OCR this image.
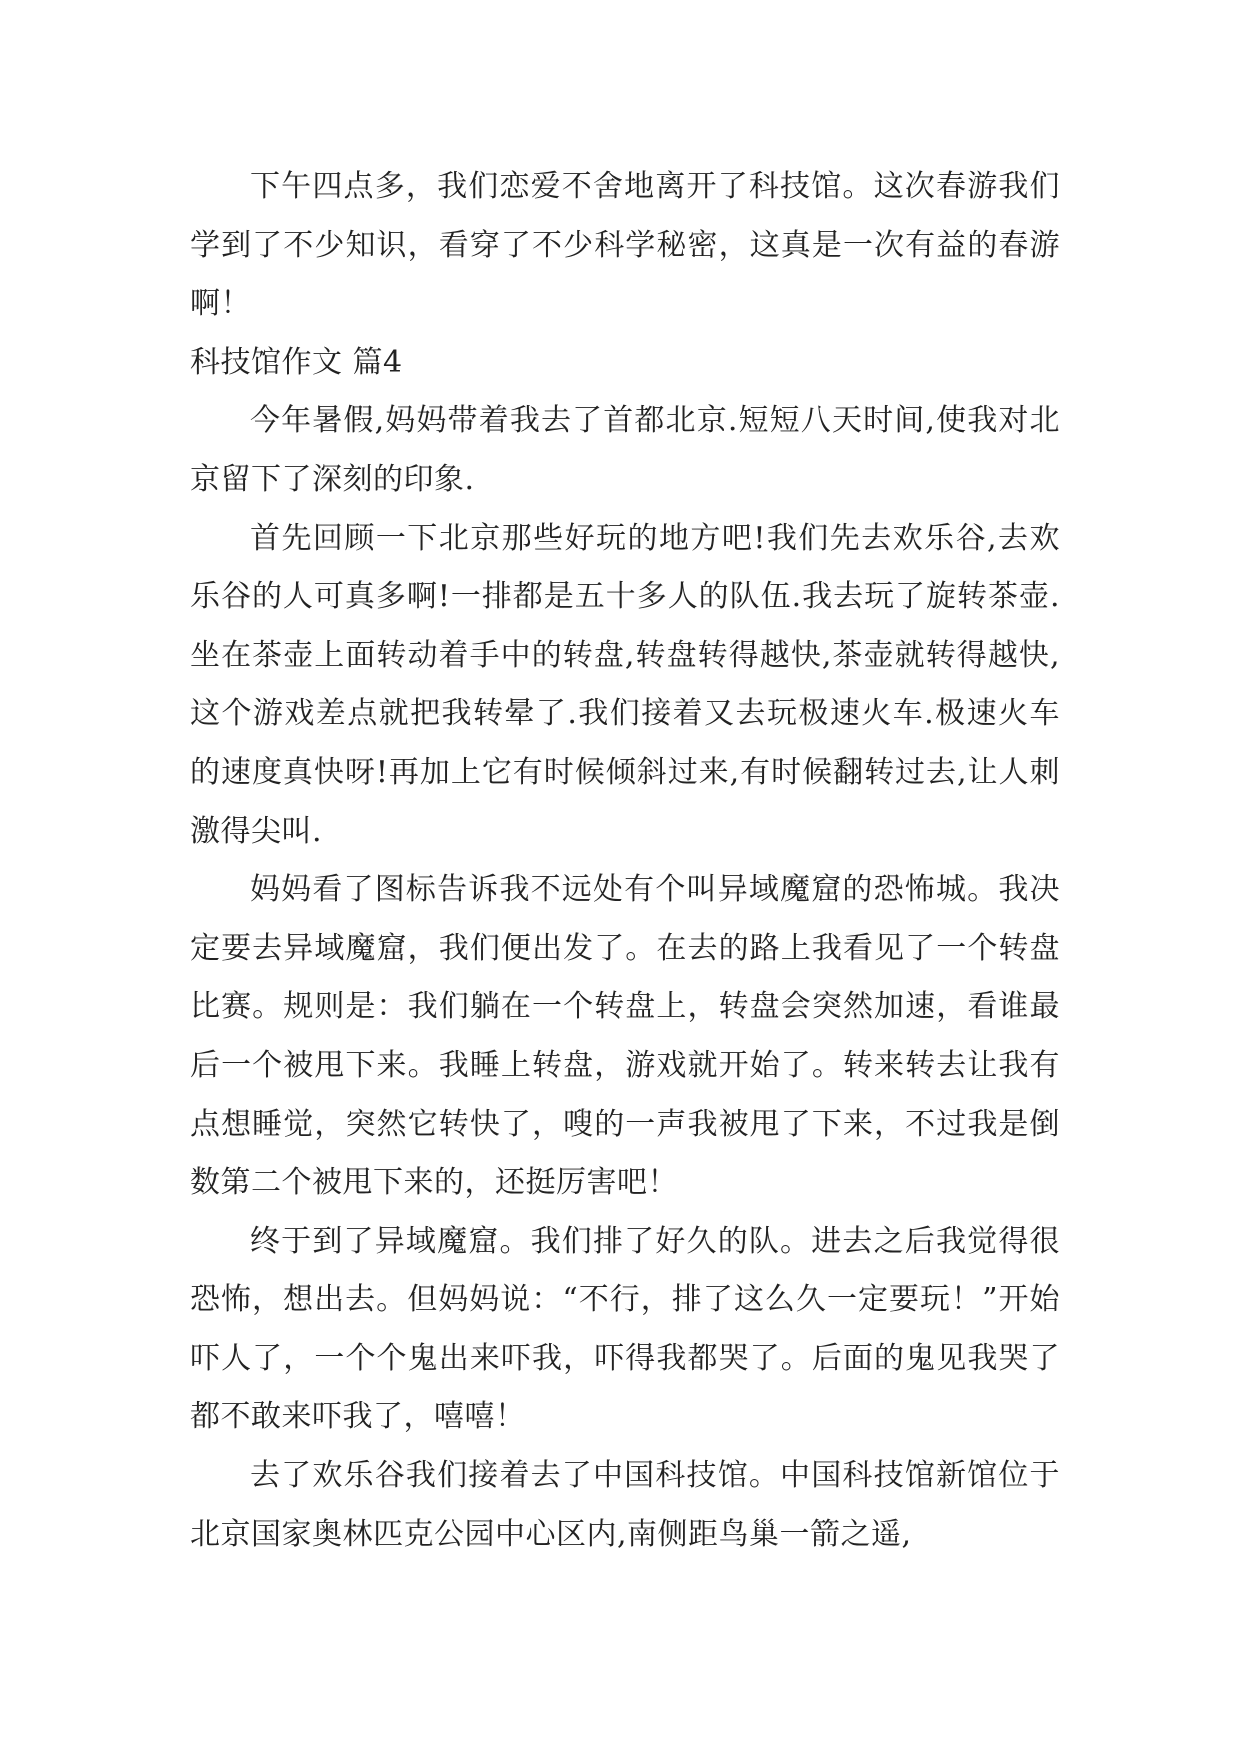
下午四点多，我们恋爱不舍地离开了科技馆。这次春游我们学到了不少知识，看穿了不少科学秘密，这真是一次有益的春游啊！

科技馆作文 篇4

今年暑假,妈妈带着我去了首都北京.短短八天时间,使我对北京留下了深刻的印象.

首先回顾一下北京那些好玩的地方吧!我们先去欢乐谷,去欢乐谷的人可真多啊!一排都是五十多人的队伍.我去玩了旋转茶壶.坐在茶壶上面转动着手中的转盘,转盘转得越快,茶壶就转得越快,这个游戏差点就把我转晕了.我们接着又去玩极速火车.极速火车的速度真快呀!再加上它有时候倾斜过来,有时候翻转过去,让人刺激得尖叫.

妈妈看了图标告诉我不远处有个叫异域魔窟的恐怖城。我决定要去异域魔窟，我们便出发了。在去的路上我看见了一个转盘比赛。规则是：我们躺在一个转盘上，转盘会突然加速，看谁最后一个被甩下来。我睡上转盘，游戏就开始了。转来转去让我有点想睡觉，突然它转快了，嗖的一声我被甩了下来，不过我是倒数第二个被甩下来的，还挺厉害吧！

终于到了异域魔窟。我们排了好久的队。进去之后我觉得很恐怖，想出去。但妈妈说：“不行，排了这么久一定要玩！”开始吓人了，一个个鬼出来吓我，吓得我都哭了。后面的鬼见我哭了都不敢来吓我了，嘻嘻！

去了欢乐谷我们接着去了中国科技馆。中国科技馆新馆位于北京国家奥林匹克公园中心区内,南侧距鸟巢一箭之遥,
